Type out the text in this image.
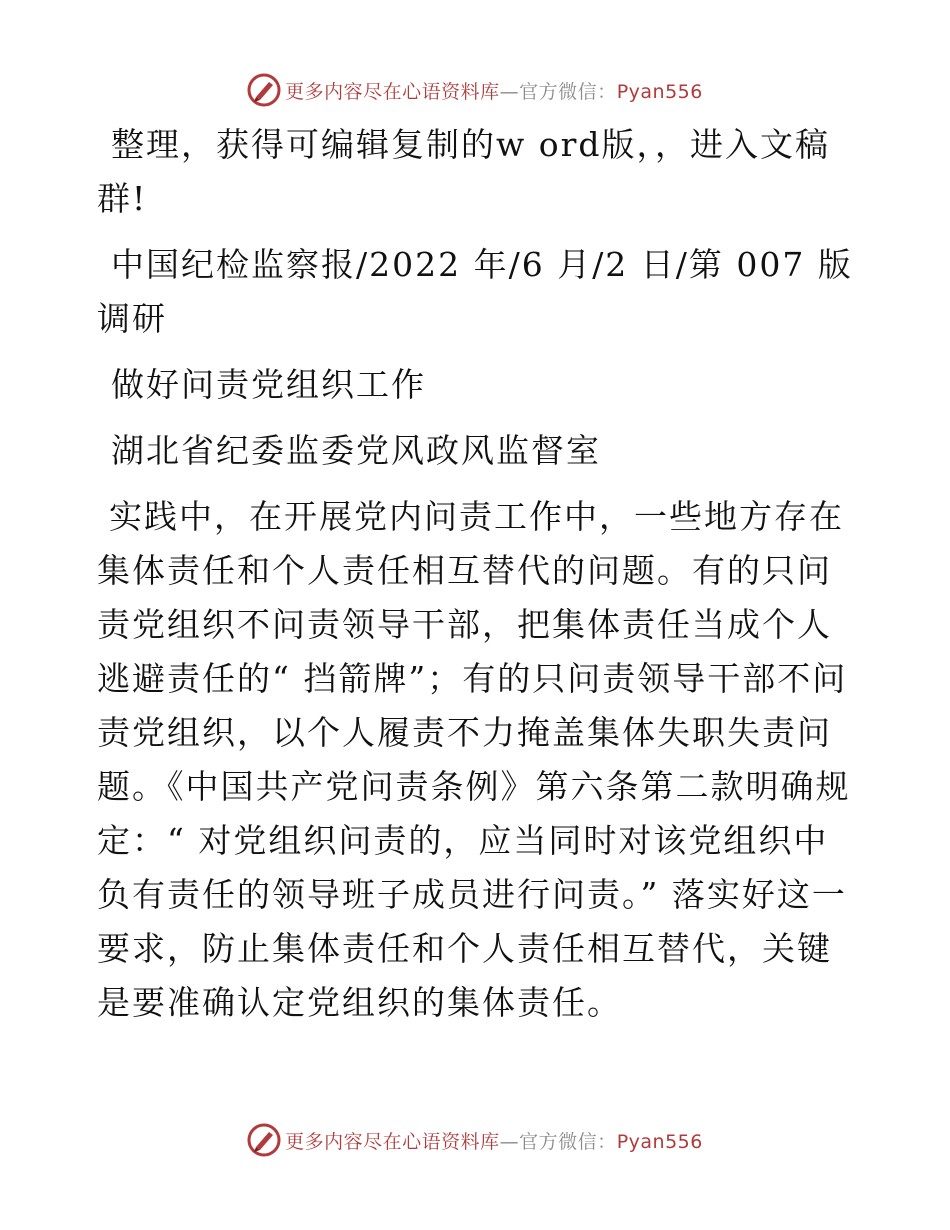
更多内容尽在心语资料库—官方微信：Pyan556

整理，获得可编辑复制的w ord版，，进入文稿群!

中国纪检监察报/2022 年/6 月/2 日/第 007 版调研

做好问责党组织工作

湖北省纪委监委党风政风监督室

实践中，在开展党内问责工作中，一些地方存在集体责任和个人责任相互替代的问题。有的只问责党组织不问责领导干部，把集体责任当成个人逃避责任的“ 挡箭牌”；有的只问责领导干部不问责党组织，以个人履责不力掩盖集体失职失责问题。《中国共产党问责条例》第六条第二款明确规定：“ 对党组织问责的，应当同时对该党组织中负有责任的领导班子成员进行问责。” 落实好这一要求，防止集体责任和个人责任相互替代，关键是要准确认定党组织的集体责任。

更多内容尽在心语资料库—官方微信：Pyan556
